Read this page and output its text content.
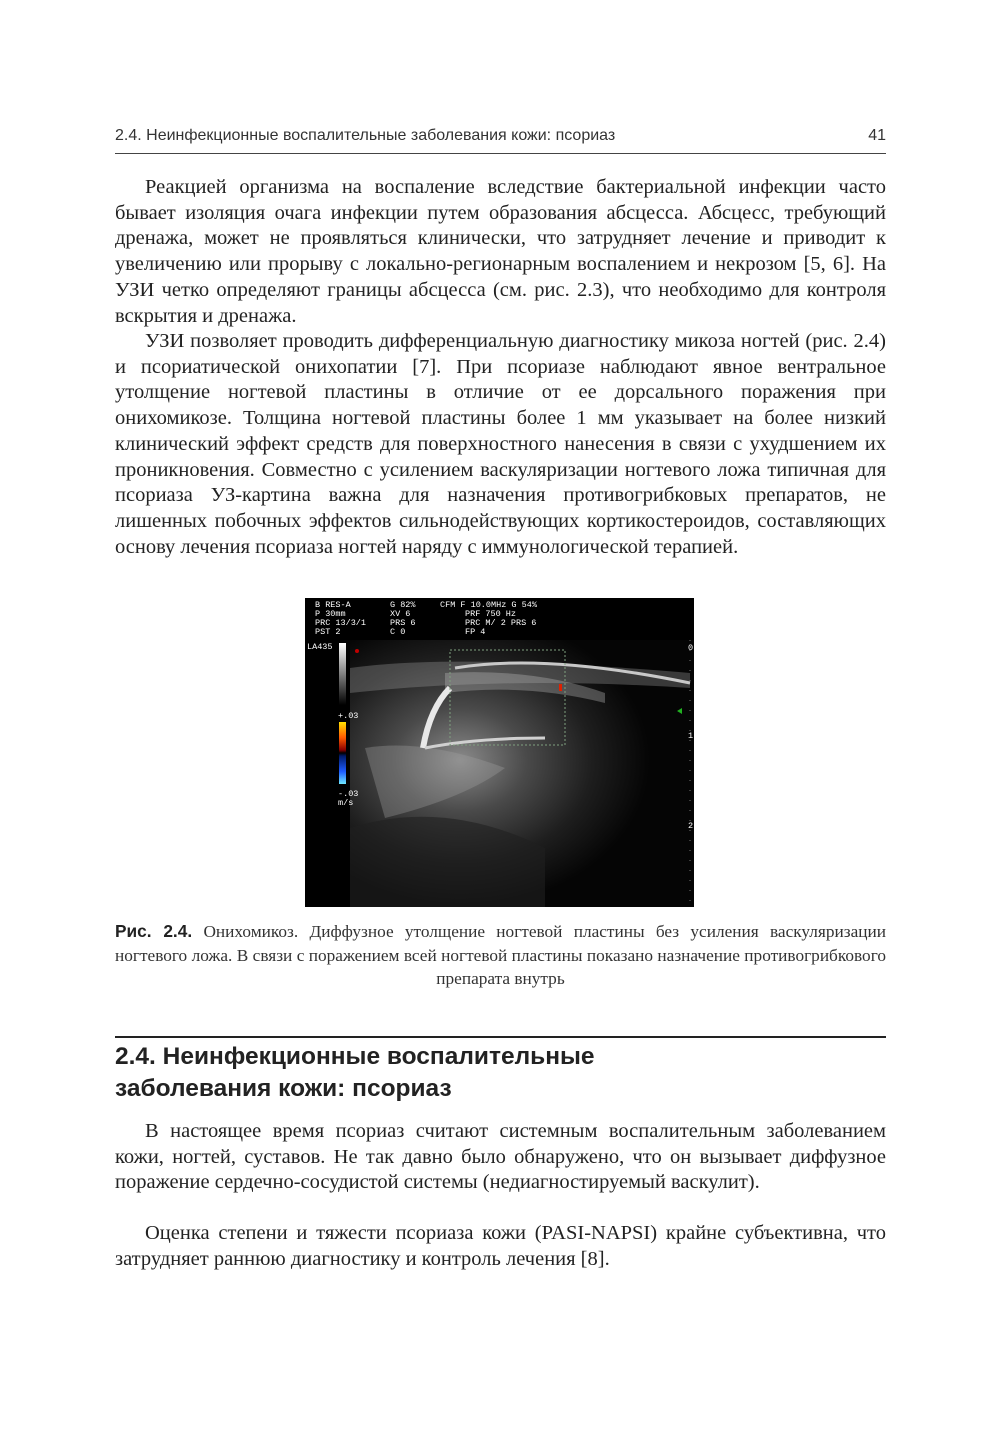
2.4. Неинфекционные воспалительные заболевания кожи: псориаз	41

Реакцией организма на воспаление вследствие бактериальной инфекции часто бывает изоляция очага инфекции путем образования абсцесса. Абсцесс, требующий дренажа, может не проявляться клинически, что затрудняет лечение и приводит к увеличению или прорыву с локально-регионарным воспалением и некрозом [5, 6]. На УЗИ четко определяют границы абсцесса (см. рис. 2.3), что необходимо для контроля вскрытия и дренажа.

УЗИ позволяет проводить дифференциальную диагностику микоза ногтей (рис. 2.4) и псориатической онихопатии [7]. При псориазе наблюдают явное вентральное утолщение ногтевой пластины в отличие от ее дорсального поражения при онихомикозе. Толщина ногтевой пластины более 1 мм указывает на более низкий клинический эффект средств для поверхностного нанесения в связи с ухудшением их проникновения. Совместно с усилением васкуляризации ногтевого ложа типичная для псориаза УЗ-картина важна для назначения противогрибковых препаратов, не лишенных побочных эффектов сильнодействующих кортикостероидов, составляющих основу лечения псориаза ногтей наряду с иммунологической терапией.

B RES-A
P 30mm
PRC 13/3/1
PST 2
G 82%
XV 6
PRS 6
C 0
CFM F 10.0MHz G 54%
PRF 750 Hz
PRC M/ 2 PRS 6
FP 4
LA435
+.03
-.03
m/s
0
1
2
Рис. 2.4. Онихомикоз. Диффузное утолщение ногтевой пластины без усиления васкуляризации ногтевого ложа. В связи с поражением всей ногтевой пластины показано назначение противогрибкового препарата внутрь
2.4. Неинфекционные воспалительные
заболевания кожи: псориаз

В настоящее время псориаз считают системным воспалительным заболеванием кожи, ногтей, суставов. Не так давно было обнаружено, что он вызывает диффузное поражение сердечно-сосудистой системы (недиагностируемый васкулит).

Оценка степени и тяжести псориаза кожи (PASI-NAPSI) крайне субъективна, что затрудняет раннюю диагностику и контроль лечения [8].
